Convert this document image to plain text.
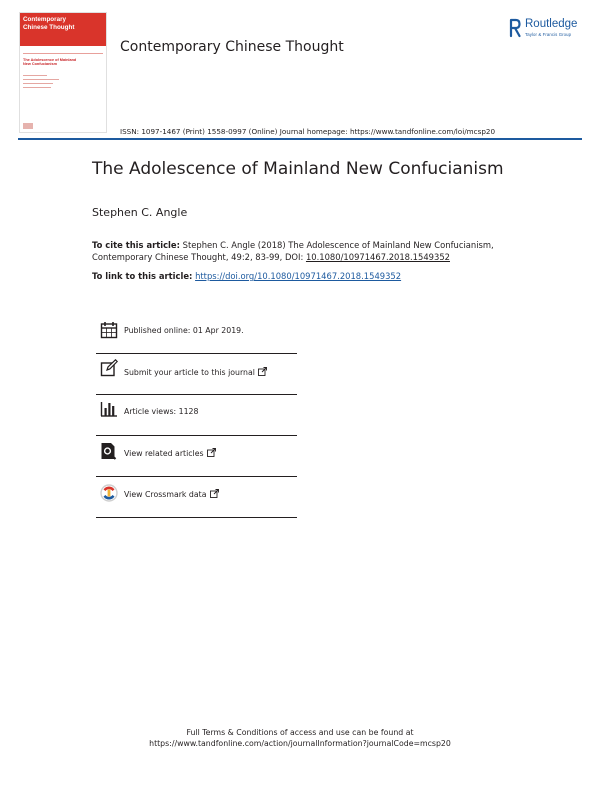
Contemporary
Chinese Thought
The Adolescence of Mainland
New Confucianism
Routledge
Taylor & Francis Group
Contemporary Chinese Thought
ISSN: 1097-1467 (Print) 1558-0997 (Online) Journal homepage: https://www.tandfonline.com/loi/mcsp20
The Adolescence of Mainland New Confucianism
Stephen C. Angle
To cite this article: Stephen C. Angle (2018) The Adolescence of Mainland New Confucianism, Contemporary Chinese Thought, 49:2, 83-99, DOI: 10.1080/10971467.2018.1549352
To link to this article: https://doi.org/10.1080/10971467.2018.1549352
Published online: 01 Apr 2019.
Submit your article to this journal
Article views: 1128
View related articles
View Crossmark data
Full Terms & Conditions of access and use can be found at
https://www.tandfonline.com/action/journalInformation?journalCode=mcsp20
